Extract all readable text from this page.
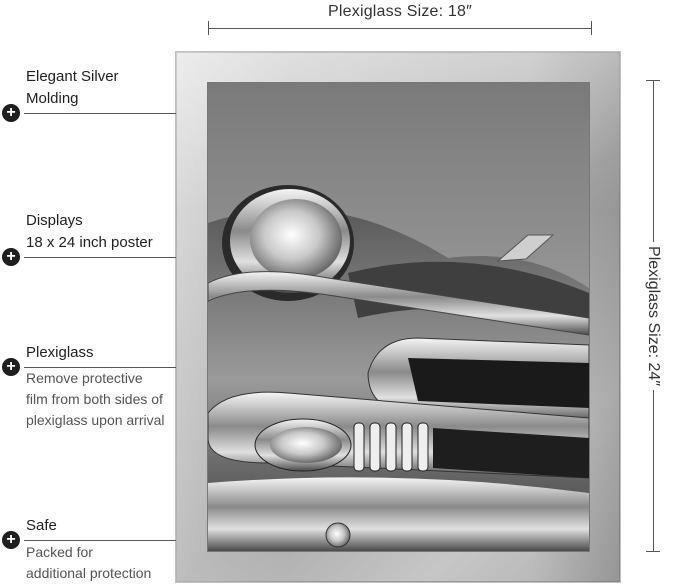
Plexiglass Size: 18″
Plexiglass Size: 24″
Elegant Silver
Molding
+
Displays
18 x 24 inch poster
+
Plexiglass
+
Remove protective
film from both sides of
plexiglass upon arrival
Safe
+
Packed for
additional protection
